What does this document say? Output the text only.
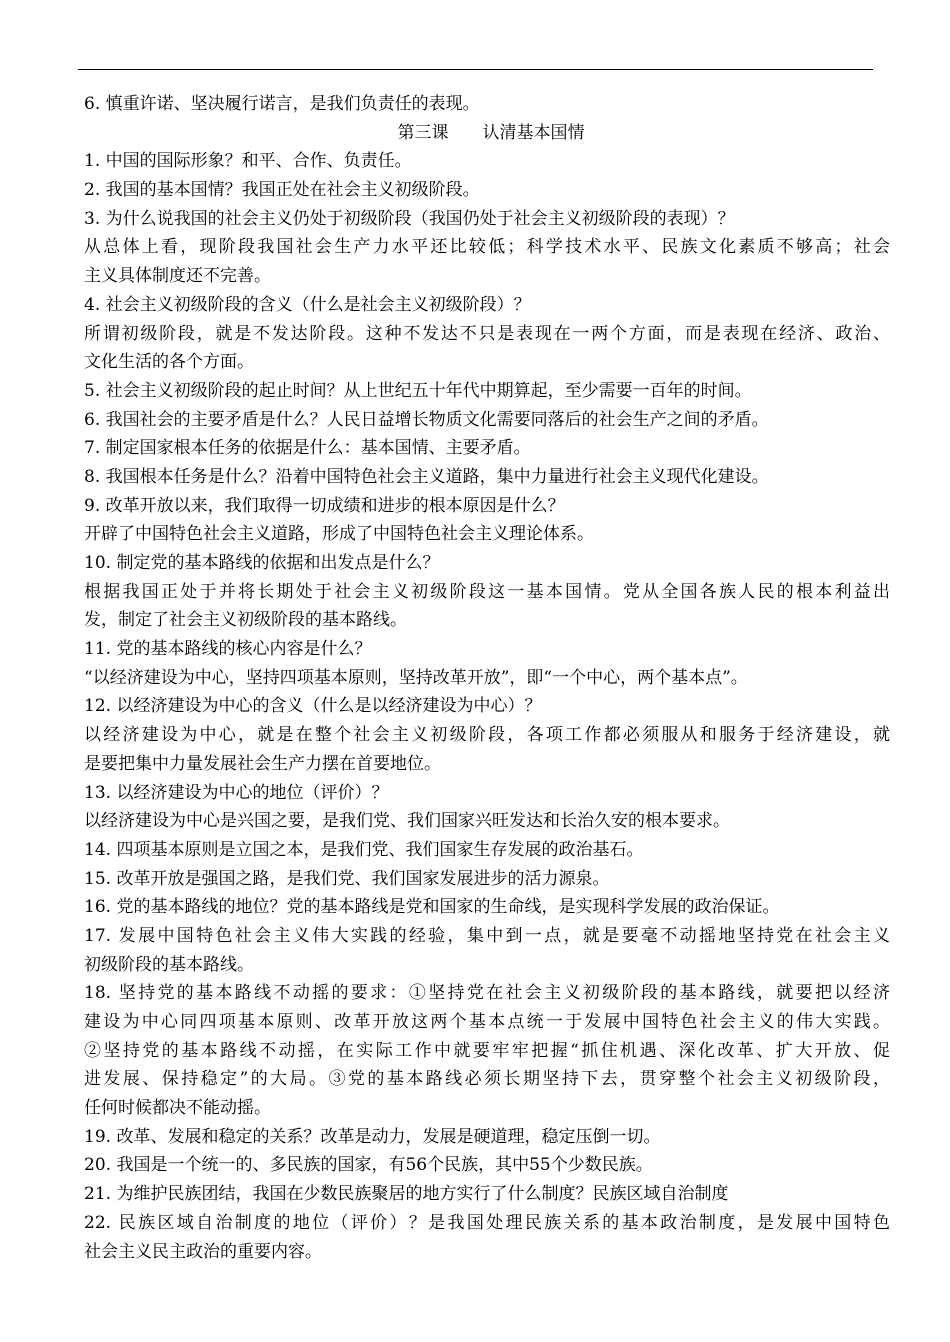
6. 慎重许诺、坚决履行诺言，是我们负责任的表现。
第三课　　认清基本国情
1. 中国的国际形象？和平、合作、负责任。
2. 我国的基本国情？我国正处在社会主义初级阶段。
3. 为什么说我国的社会主义仍处于初级阶段（我国仍处于社会主义初级阶段的表现）？
从总体上看，现阶段我国社会生产力水平还比较低；科学技术水平、民族文化素质不够高；社会
主义具体制度还不完善。
4. 社会主义初级阶段的含义（什么是社会主义初级阶段）？
所谓初级阶段，就是不发达阶段。这种不发达不只是表现在一两个方面，而是表现在经济、政治、
文化生活的各个方面。
5. 社会主义初级阶段的起止时间？从上世纪五十年代中期算起，至少需要一百年的时间。
6. 我国社会的主要矛盾是什么？人民日益增长物质文化需要同落后的社会生产之间的矛盾。
7. 制定国家根本任务的依据是什么：基本国情、主要矛盾。
8. 我国根本任务是什么？沿着中国特色社会主义道路，集中力量进行社会主义现代化建设。
9. 改革开放以来，我们取得一切成绩和进步的根本原因是什么？
开辟了中国特色社会主义道路，形成了中国特色社会主义理论体系。
10. 制定党的基本路线的依据和出发点是什么？
根据我国正处于并将长期处于社会主义初级阶段这一基本国情。党从全国各族人民的根本利益出
发，制定了社会主义初级阶段的基本路线。
11. 党的基本路线的核心内容是什么？
“以经济建设为中心，坚持四项基本原则，坚持改革开放”，即“一个中心，两个基本点”。
12. 以经济建设为中心的含义（什么是以经济建设为中心）？
以经济建设为中心，就是在整个社会主义初级阶段，各项工作都必须服从和服务于经济建设，就
是要把集中力量发展社会生产力摆在首要地位。
13. 以经济建设为中心的地位（评价）？
以经济建设为中心是兴国之要，是我们党、我们国家兴旺发达和长治久安的根本要求。
14. 四项基本原则是立国之本，是我们党、我们国家生存发展的政治基石。
15. 改革开放是强国之路，是我们党、我们国家发展进步的活力源泉。
16. 党的基本路线的地位？党的基本路线是党和国家的生命线，是实现科学发展的政治保证。
17. 发展中国特色社会主义伟大实践的经验，集中到一点，就是要毫不动摇地坚持党在社会主义
初级阶段的基本路线。
18. 坚持党的基本路线不动摇的要求：①坚持党在社会主义初级阶段的基本路线，就要把以经济
建设为中心同四项基本原则、改革开放这两个基本点统一于发展中国特色社会主义的伟大实践。
②坚持党的基本路线不动摇，在实际工作中就要牢牢把握“抓住机遇、深化改革、扩大开放、促
进发展、保持稳定”的大局。③党的基本路线必须长期坚持下去，贯穿整个社会主义初级阶段，
任何时候都决不能动摇。
19. 改革、发展和稳定的关系？改革是动力，发展是硬道理，稳定压倒一切。
20. 我国是一个统一的、多民族的国家，有56个民族，其中55个少数民族。
21. 为维护民族团结，我国在少数民族聚居的地方实行了什么制度？民族区域自治制度
22. 民族区域自治制度的地位（评价）？是我国处理民族关系的基本政治制度，是发展中国特色
社会主义民主政治的重要内容。
